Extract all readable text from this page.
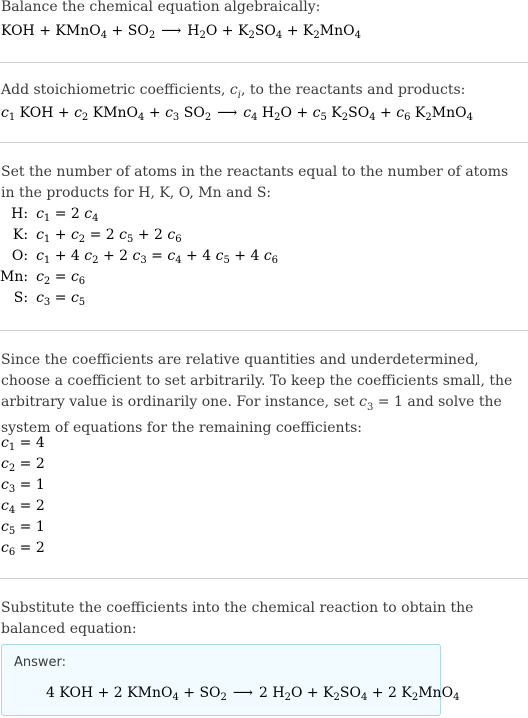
Balance the chemical equation algebraically:
KOH + KMnO$_4$ + $SO_2$ ⟶ $H_2O + K_2SO_4 + K_2MnO_4$
Add stoichiometric coefficients, $c_i$, to the reactants and products:
$c_1$ KOH + $c_2$ KMnO$_4$ + $c_3$ $SO_2$ ⟶ $c_4$ $H_2O + c_5$ $K_2SO_4 + c_6$ $K_2MnO_4$
Set the number of atoms in the reactants equal to the number of atoms in the products for H, K, O, Mn and S:
H:	$c_1 = 2$ $c_4$
K:	$c_1 + c_2 = 2$ $c_5 + 2$ $c_6$
O:	$c_1 + 4$ $c_2 + 2$ $c_3 = c_4 + 4$ $c_5 + 4$ $c_6$
Mn:	$c_2 = c_6$
S:	$c_3 = c_5$
Since the coefficients are relative quantities and underdetermined, choose a coefficient to set arbitrarily. To keep the coefficients small, the arbitrary value is ordinarily one. For instance, set $c_3 = 1$ and solve the system of equations for the remaining coefficients:
$c_1 = 4$
$c_2 = 2$
$c_3 = 1$
$c_4 = 2$
$c_5 = 1$
$c_6 = 2$
Substitute the coefficients into the chemical reaction to obtain the balanced equation:
Answer:
4 KOH + 2 KMnO$_4$ + $SO_2$ ⟶ 2 $H_2O + K_2SO_4 + 2$ $K_2MnO_4$
